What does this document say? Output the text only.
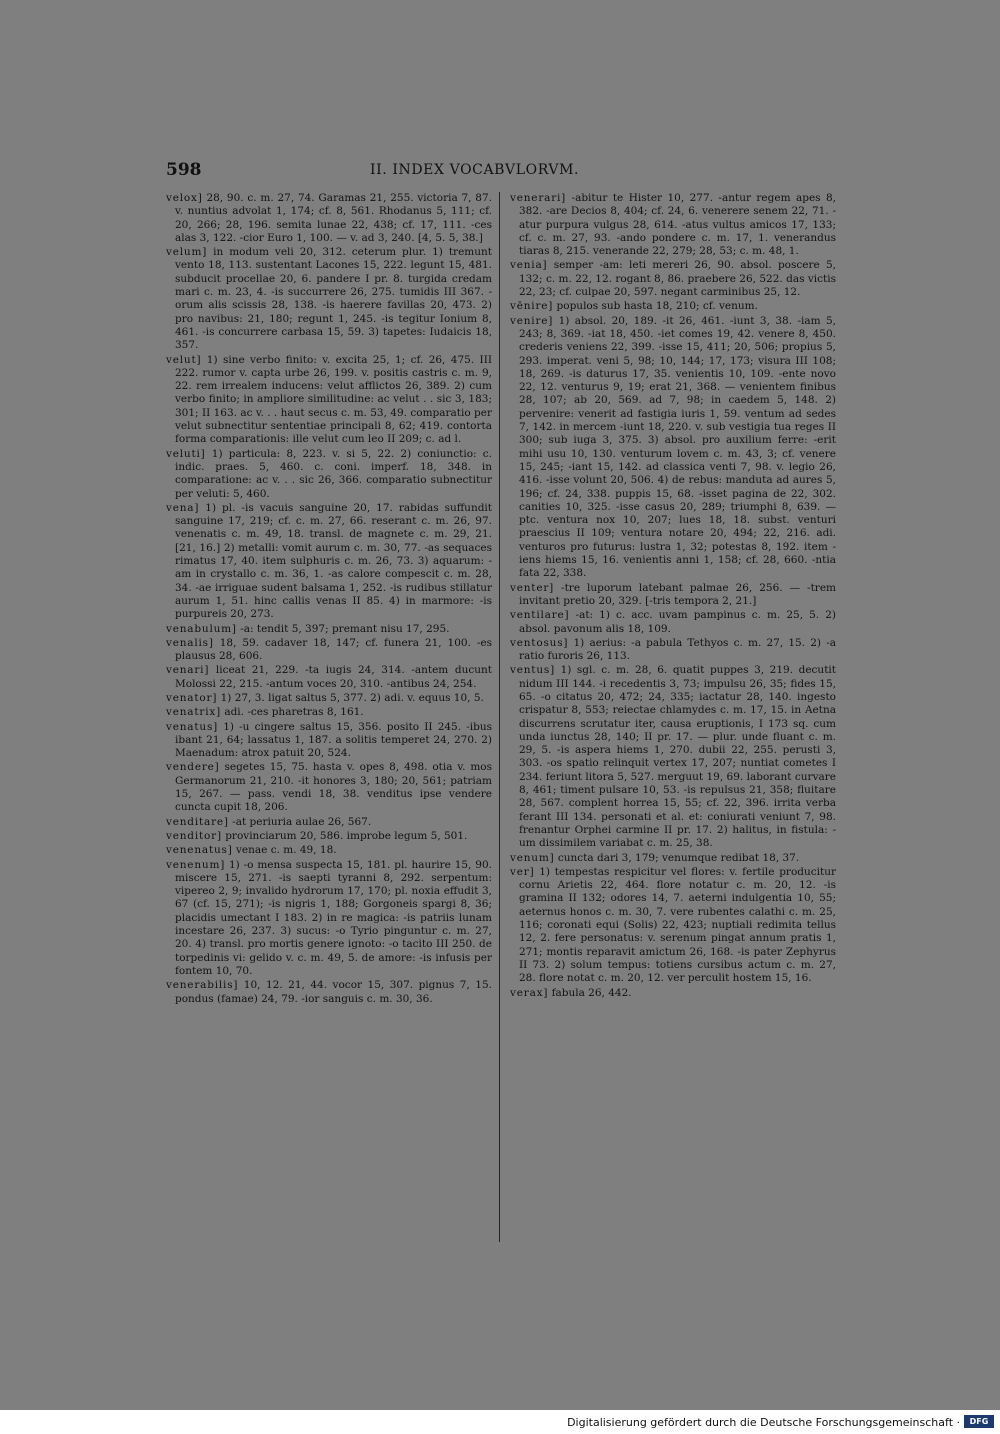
598	II. INDEX VOCABVLORVM.

velox] 28, 90. c. m. 27, 74. Garamas 21, 255. victoria 7, 87. v. nuntius advolat 1, 174; cf. 8, 561. Rhodanus 5, 111; cf. 20, 266; 28, 196. semita lunae 22, 438; cf. 17, 111. -ces alas 3, 122. -cior Euro 1, 100. — v. ad 3, 240. [4, 5. 5, 38.]

velum] in modum veli 20, 312. ceterum plur. 1) tremunt vento 18, 113. sustentant Lacones 15, 222. legunt 15, 481. subducit procellae 20, 6. pandere I pr. 8. turgida credam mari c. m. 23, 4. -is succurrere 26, 275. tumidis III 367. -orum alis scissis 28, 138. -is haerere favillas 20, 473. 2) pro navibus: 21, 180; regunt 1, 245. -is tegitur Ionium 8, 461. -is concurrere carbasa 15, 59. 3) tapetes: Iudaicis 18, 357.

velut] 1) sine verbo finito: v. excita 25, 1; cf. 26, 475. III 222. rumor v. capta urbe 26, 199. v. positis castris c. m. 9, 22. rem irrealem inducens: velut afflictos 26, 389. 2) cum verbo finito; in ampliore similitudine: ac velut . . sic 3, 183; 301; II 163. ac v. . . haut secus c. m. 53, 49. comparatio per velut subnectitur sententiae principali 8, 62; 419. contorta forma comparationis: ille velut cum leo II 209; c. ad l.

veluti] 1) particula: 8, 223. v. si 5, 22. 2) coniunctio: c. indic. praes. 5, 460. c. coni. imperf. 18, 348. in comparatione: ac v. . . sic 26, 366. comparatio subnectitur per veluti: 5, 460.

vena] 1) pl. -is vacuis sanguine 20, 17. rabidas suffundit sanguine 17, 219; cf. c. m. 27, 66. reserant c. m. 26, 97. venenatis c. m. 49, 18. transl. de magnete c. m. 29, 21. [21, 16.] 2) metalli: vomit aurum c. m. 30, 77. -as sequaces rimatus 17, 40. item sulphuris c. m. 26, 73. 3) aquarum: -am in crystallo c. m. 36, 1. -as calore compescit c. m. 28, 34. -ae irriguae sudent balsama 1, 252. -is rudibus stillatur aurum 1, 51. hinc callis venas II 85. 4) in marmore: -is purpureis 20, 273.

venabulum] -a: tendit 5, 397; premant nisu 17, 295.

venalis] 18, 59. cadaver 18, 147; cf. funera 21, 100. -es plausus 28, 606.

venari] liceat 21, 229. -ta iugis 24, 314. -antem ducunt Molossi 22, 215. -antum voces 20, 310. -antibus 24, 254.

venator] 1) 27, 3. ligat saltus 5, 377. 2) adi. v. equus 10, 5.

venatrix] adi. -ces pharetras 8, 161.

venatus] 1) -u cingere saltus 15, 356. posito II 245. -ibus ibant 21, 64; lassatus 1, 187. a solitis temperet 24, 270. 2) Maenadum: atrox patuit 20, 524.

vendere] segetes 15, 75. hasta v. opes 8, 498. otia v. mos Germanorum 21, 210. -it honores 3, 180; 20, 561; patriam 15, 267. — pass. vendi 18, 38. venditus ipse vendere cuncta cupit 18, 206.

venditare] -at periuria aulae 26, 567.

venditor] provinciarum 20, 586. improbe legum 5, 501.

venenatus] venae c. m. 49, 18.

venenum] 1) -o mensa suspecta 15, 181. pl. haurire 15, 90. miscere 15, 271. -is saepti tyranni 8, 292. serpentum: vipereo 2, 9; invalido hydrorum 17, 170; pl. noxia effudit 3, 67 (cf. 15, 271); -is nigris 1, 188; Gorgoneis spargi 8, 36; placidis umectant I 183. 2) in re magica: -is patriis lunam incestare 26, 237. 3) sucus: -o Tyrio pinguntur c. m. 27, 20. 4) transl. pro mortis genere ignoto: -o tacito III 250. de torpedinis vi: gelido v. c. m. 49, 5. de amore: -is infusis per fontem 10, 70.

venerabilis] 10, 12. 21, 44. vocor 15, 307. pignus 7, 15. pondus (famae) 24, 79. -ior sanguis c. m. 30, 36.

venerari] -abitur te Hister 10, 277. -antur regem apes 8, 382. -are Decios 8, 404; cf. 24, 6. venerere senem 22, 71. -atur purpura vulgus 28, 614. -atus vultus amicos 17, 133; cf. c. m. 27, 93. -ando pondere c. m. 17, 1. venerandus tiaras 8, 215. venerande 22, 279; 28, 53; c. m. 48, 1.

venia] semper -am: leti mereri 26, 90. absol. poscere 5, 132; c. m. 22, 12. rogant 8, 86. praebere 26, 522. das victis 22, 23; cf. culpae 20, 597. negant carminibus 25, 12.

vēnire] populos sub hasta 18, 210; cf. venum.

venire] 1) absol. 20, 189. -it 26, 461. -iunt 3, 38. -iam 5, 243; 8, 369. -iat 18, 450. -iet comes 19, 42. venere 8, 450. crederis veniens 22, 399. -isse 15, 411; 20, 506; propius 5, 293. imperat. veni 5, 98; 10, 144; 17, 173; visura III 108; 18, 269. -is daturus 17, 35. venientis 10, 109. -ente novo 22, 12. venturus 9, 19; erat 21, 368. — venientem finibus 28, 107; ab 20, 569. ad 7, 98; in caedem 5, 148. 2) pervenire: venerit ad fastigia iuris 1, 59. ventum ad sedes 7, 142. in mercem -iunt 18, 220. v. sub vestigia tua reges II 300; sub iuga 3, 375. 3) absol. pro auxilium ferre: -erit mihi usu 10, 130. venturum lovem c. m. 43, 3; cf. venere 15, 245; -iant 15, 142. ad classica venti 7, 98. v. legio 26, 416. -isse volunt 20, 506. 4) de rebus: manduta ad aures 5, 196; cf. 24, 338. puppis 15, 68. -isset pagina de 22, 302. canities 10, 325. -isse casus 20, 289; triumphi 8, 639. — ptc. ventura nox 10, 207; lues 18, 18. subst. venturi praescius II 109; ventura notare 20, 494; 22, 216. adi. venturos pro futurus: lustra 1, 32; potestas 8, 192. item -iens hiems 15, 16. venientis anni 1, 158; cf. 28, 660. -ntia fata 22, 338.

venter] -tre luporum latebant palmae 26, 256. — -trem invitant pretio 20, 329. [-tris tempora 2, 21.]

ventilare] -at: 1) c. acc. uvam pampinus c. m. 25, 5. 2) absol. pavonum alis 18, 109.

ventosus] 1) aerius: -a pabula Tethyos c. m. 27, 15. 2) -a ratio furoris 26, 113.

ventus] 1) sgl. c. m. 28, 6. quatit puppes 3, 219. decutit nidum III 144. -i recedentis 3, 73; impulsu 26, 35; fides 15, 65. -o citatus 20, 472; 24, 335; iactatur 28, 140. ingesto crispatur 8, 553; reiectae chlamydes c. m. 17, 15. in Aetna discurrens scrutatur iter, causa eruptionis, I 173 sq. cum unda iunctus 28, 140; II pr. 17. — plur. unde fluant c. m. 29, 5. -is aspera hiems 1, 270. dubii 22, 255. perusti 3, 303. -os spatio relinquit vertex 17, 207; nuntiat cometes I 234. feriunt litora 5, 527. merguut 19, 69. laborant curvare 8, 461; timent pulsare 10, 53. -is repulsus 21, 358; fluitare 28, 567. complent horrea 15, 55; cf. 22, 396. irrita verba ferant III 134. personati et al. et: coniurati veniunt 7, 98. frenantur Orphei carmine II pr. 17. 2) halitus, in fistula: -um dissimilem variabat c. m. 25, 38.

venum] cuncta dari 3, 179; venumque redibat 18, 37.

ver] 1) tempestas respicitur vel flores: v. fertile producitur cornu Arietis 22, 464. flore notatur c. m. 20, 12. -is gramina II 132; odores 14, 7. aeterni indulgentia 10, 55; aeternus honos c. m. 30, 7. vere rubentes calathi c. m. 25, 116; coronati equi (Solis) 22, 423; nuptiali redimita tellus 12, 2. fere personatus: v. serenum pingat annum pratis 1, 271; montis reparavit amictum 26, 168. -is pater Zephyrus II 73. 2) solum tempus: totiens cursibus actum c. m. 27, 28. flore notat c. m. 20, 12. ver perculit hostem 15, 16.

verax] fabula 26, 442.

Digitalisierung gefördert durch die Deutsche Forschungsgemeinschaft ·	DFG
